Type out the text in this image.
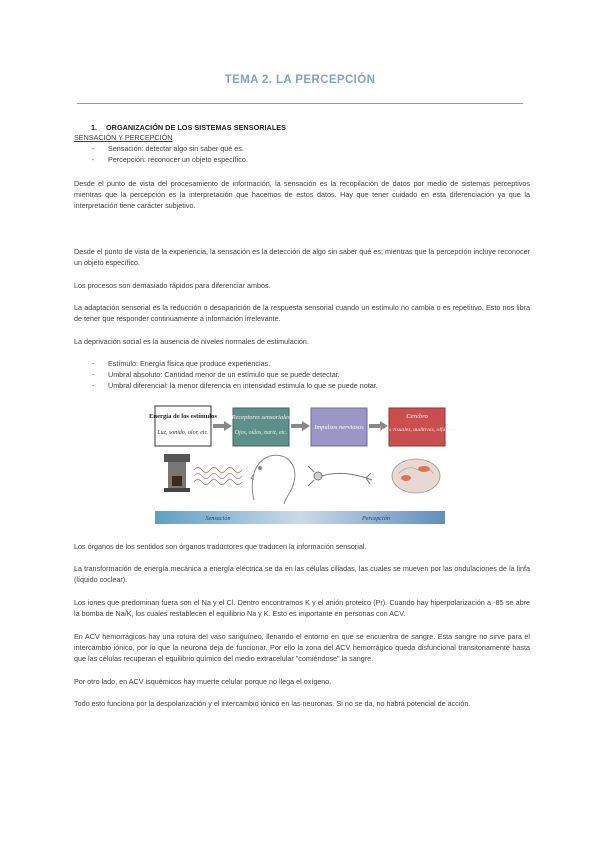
TEMA 2. LA PERCEPCIÓN
1. ORGANIZACIÓN DE LOS SISTEMAS SENSORIALES
SENSACIÓN Y PERCEPCIÓN
- Sensación: detectar algo sin saber qué es.
- Percepción: reconocer un objeto específico.

Desde el punto de vista del procesamiento de información, la sensación es la recopilación de datos por medio de sistemas perceptivos mientras que la percepción es la interpretación que hacemos de estos datos. Hay que tener cuidado en esta diferenciación ya que la interpretación tiene carácter subjetivo.

Desde el punto de vista de la experiencia, la sensación es la detección de algo sin saber qué es; mientras que la percepción incluye reconocer un objeto específico.

Los procesos son demasiado rápidos para diferenciar ambos.

La adaptación sensorial es la reducción o desaparición de la respuesta sensorial cuando un estímulo no cambia o es repetitivo. Esto nos libra de tener que responder continuamente a información irrelevante.

La deprivación social es la ausencia de niveles normales de estimulación.

- Estímulo: Energía física que produce experiencias.
- Umbral absoluto: Cantidad menor de un estímulo que se puede detectar.
- Umbral diferencial: la menor diferencia en intensidad estimula lo que se puede notar.
Energía de los estímulos
Luz, sonido, olor, etc.
Receptores sensoriales
Ojos, oídos, nariz, etc.
Impulsos nerviosos
Cerebro
Áreas visuales, auditivas, olfativas
Sensación	Percepción

Los órganos de los sentidos son órganos traductores que traducen la información sensorial.

La transformación de energía mecánica a energía eléctrica se da en las células ciliadas, las cuales se mueven por las ondulaciones de la linfa (líquido coclear).

Los iones que predominan fuera son el Na y el Cl. Dentro encontramos K y el anión proteico (Pr). Cuando hay hiperpolarización a -85 se abre la bomba de Na/K, los cuales restablecen el equilibrio Na y K. Esto es importante en personas con ACV.

En ACV hemorrágicos hay una rotura del vaso sanguíneo, llenando el entorno en que se encuentra de sangre. Esta sangre no sirve para el intercambio iónico, por lo que la neurona deja de funcionar. Por ello la zona del ACV hemorrágico queda disfuncional transitoriamente hasta que las células recuperan el equilibrio químico del medio extracelular "comiéndose" la sangre.

Por otro lado, en ACV isquémicos hay muerte celular porque no llega el oxígeno.

Todo esto funciona por la despolarización y el intercambio iónico en las neuronas. Si no se da, no habrá potencial de acción.
